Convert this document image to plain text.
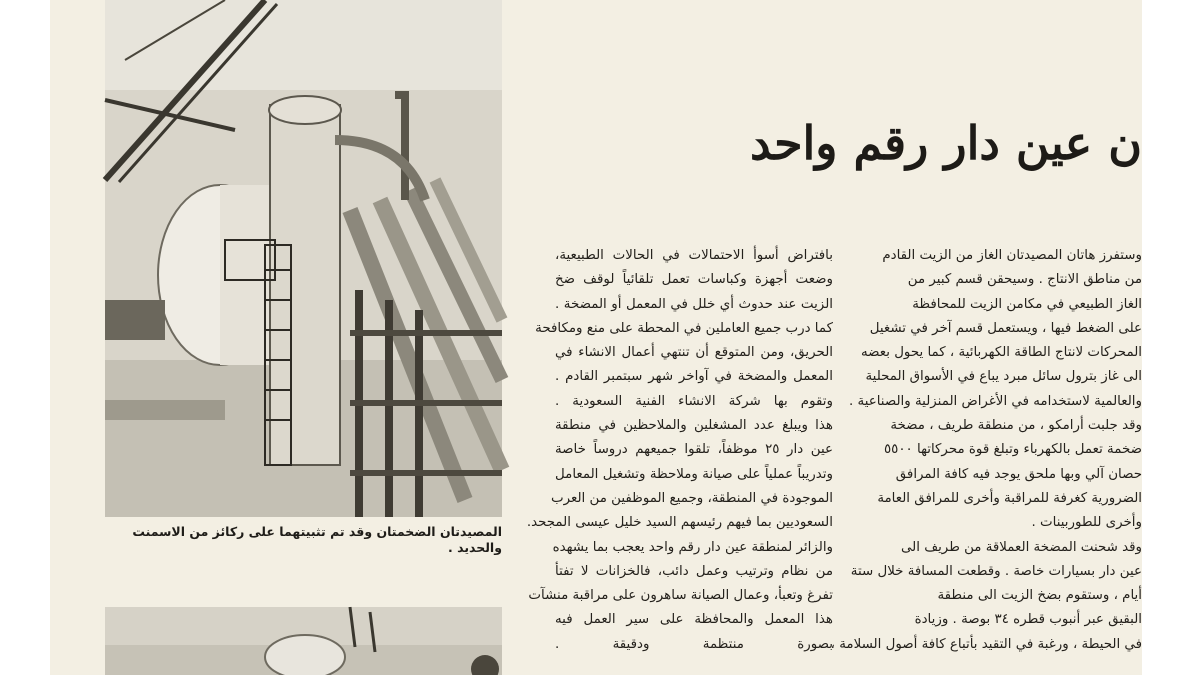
المصيدتان الضخمتان وقد تم تثبيتهما على ركائز من الاسمنت والحديد .
ن عين دار رقم واحد
بافتراض أسوأ الاحتمالات في الحالات الطبيعية،
وضعت أجهزة وكباسات تعمل تلقائياً لوقف ضخ
الزيت عند حدوث أي خلل في المعمل أو المضخة .
كما درب جميع العاملين في المحطة على منع ومكافحة
الحريق، ومن المتوقع أن تنتهي أعمال الانشاء في
المعمل والمضخة في آواخر شهر سبتمبر القادم .
وتقوم بها شركة الانشاء الفنية السعودية .
هذا ويبلغ عدد المشغلين والملاحظين في منطقة
عين دار ٢٥ موظفاً، تلقوا جميعهم دروساً خاصة
وتدريباً عملياً على صيانة وملاحظة وتشغيل المعامل
الموجودة في المنطقة، وجميع الموظفين من العرب
السعوديين بما فيهم رئيسهم السيد خليل عيسى المجحد.
والزائر لمنطقة عين دار رقم واحد يعجب بما يشهده
من نظام وترتيب وعمل دائب، فالخزانات لا تفتأ
تفرغ وتعبأ، وعمال الصيانة ساهرون على مراقبة منشآت
هذا المعمل والمحافظة على سير العمل فيه
بصورة منتظمة ودقيقة .
وستفرز هاتان المصيدتان الغاز من الزيت القادم
من مناطق الانتاج . وسيحقن قسم كبير من
الغاز الطبيعي في مكامن الزيت للمحافظة
على الضغط فيها ، ويستعمل قسم آخر في تشغيل
المحركات لانتاج الطاقة الكهربائية ، كما يحول بعضه
الى غاز بترول سائل مبرد يباع في الأسواق المحلية
والعالمية لاستخدامه في الأغراض المنزلية والصناعية .
وقد جلبت أرامكو ، من منطقة طريف ، مضخة
ضخمة تعمل بالكهرباء وتبلغ قوة محركاتها ٥٥٠٠
حصان آلي وبها ملحق يوجد فيه كافة المرافق
الضرورية كغرفة للمراقبة وأخرى للمرافق العامة
وأخرى للطوربينات .
وقد شحنت المضخة العملاقة من طريف الى
عين دار بسيارات خاصة . وقطعت المسافة خلال ستة
أيام ، وستقوم بضخ الزيت الى منطقة
البقيق عبر أنبوب قطره ٣٤ بوصة . وزيادة
في الحيطة ، ورغبة في التقيد بأتباع كافة أصول السلامة ،
